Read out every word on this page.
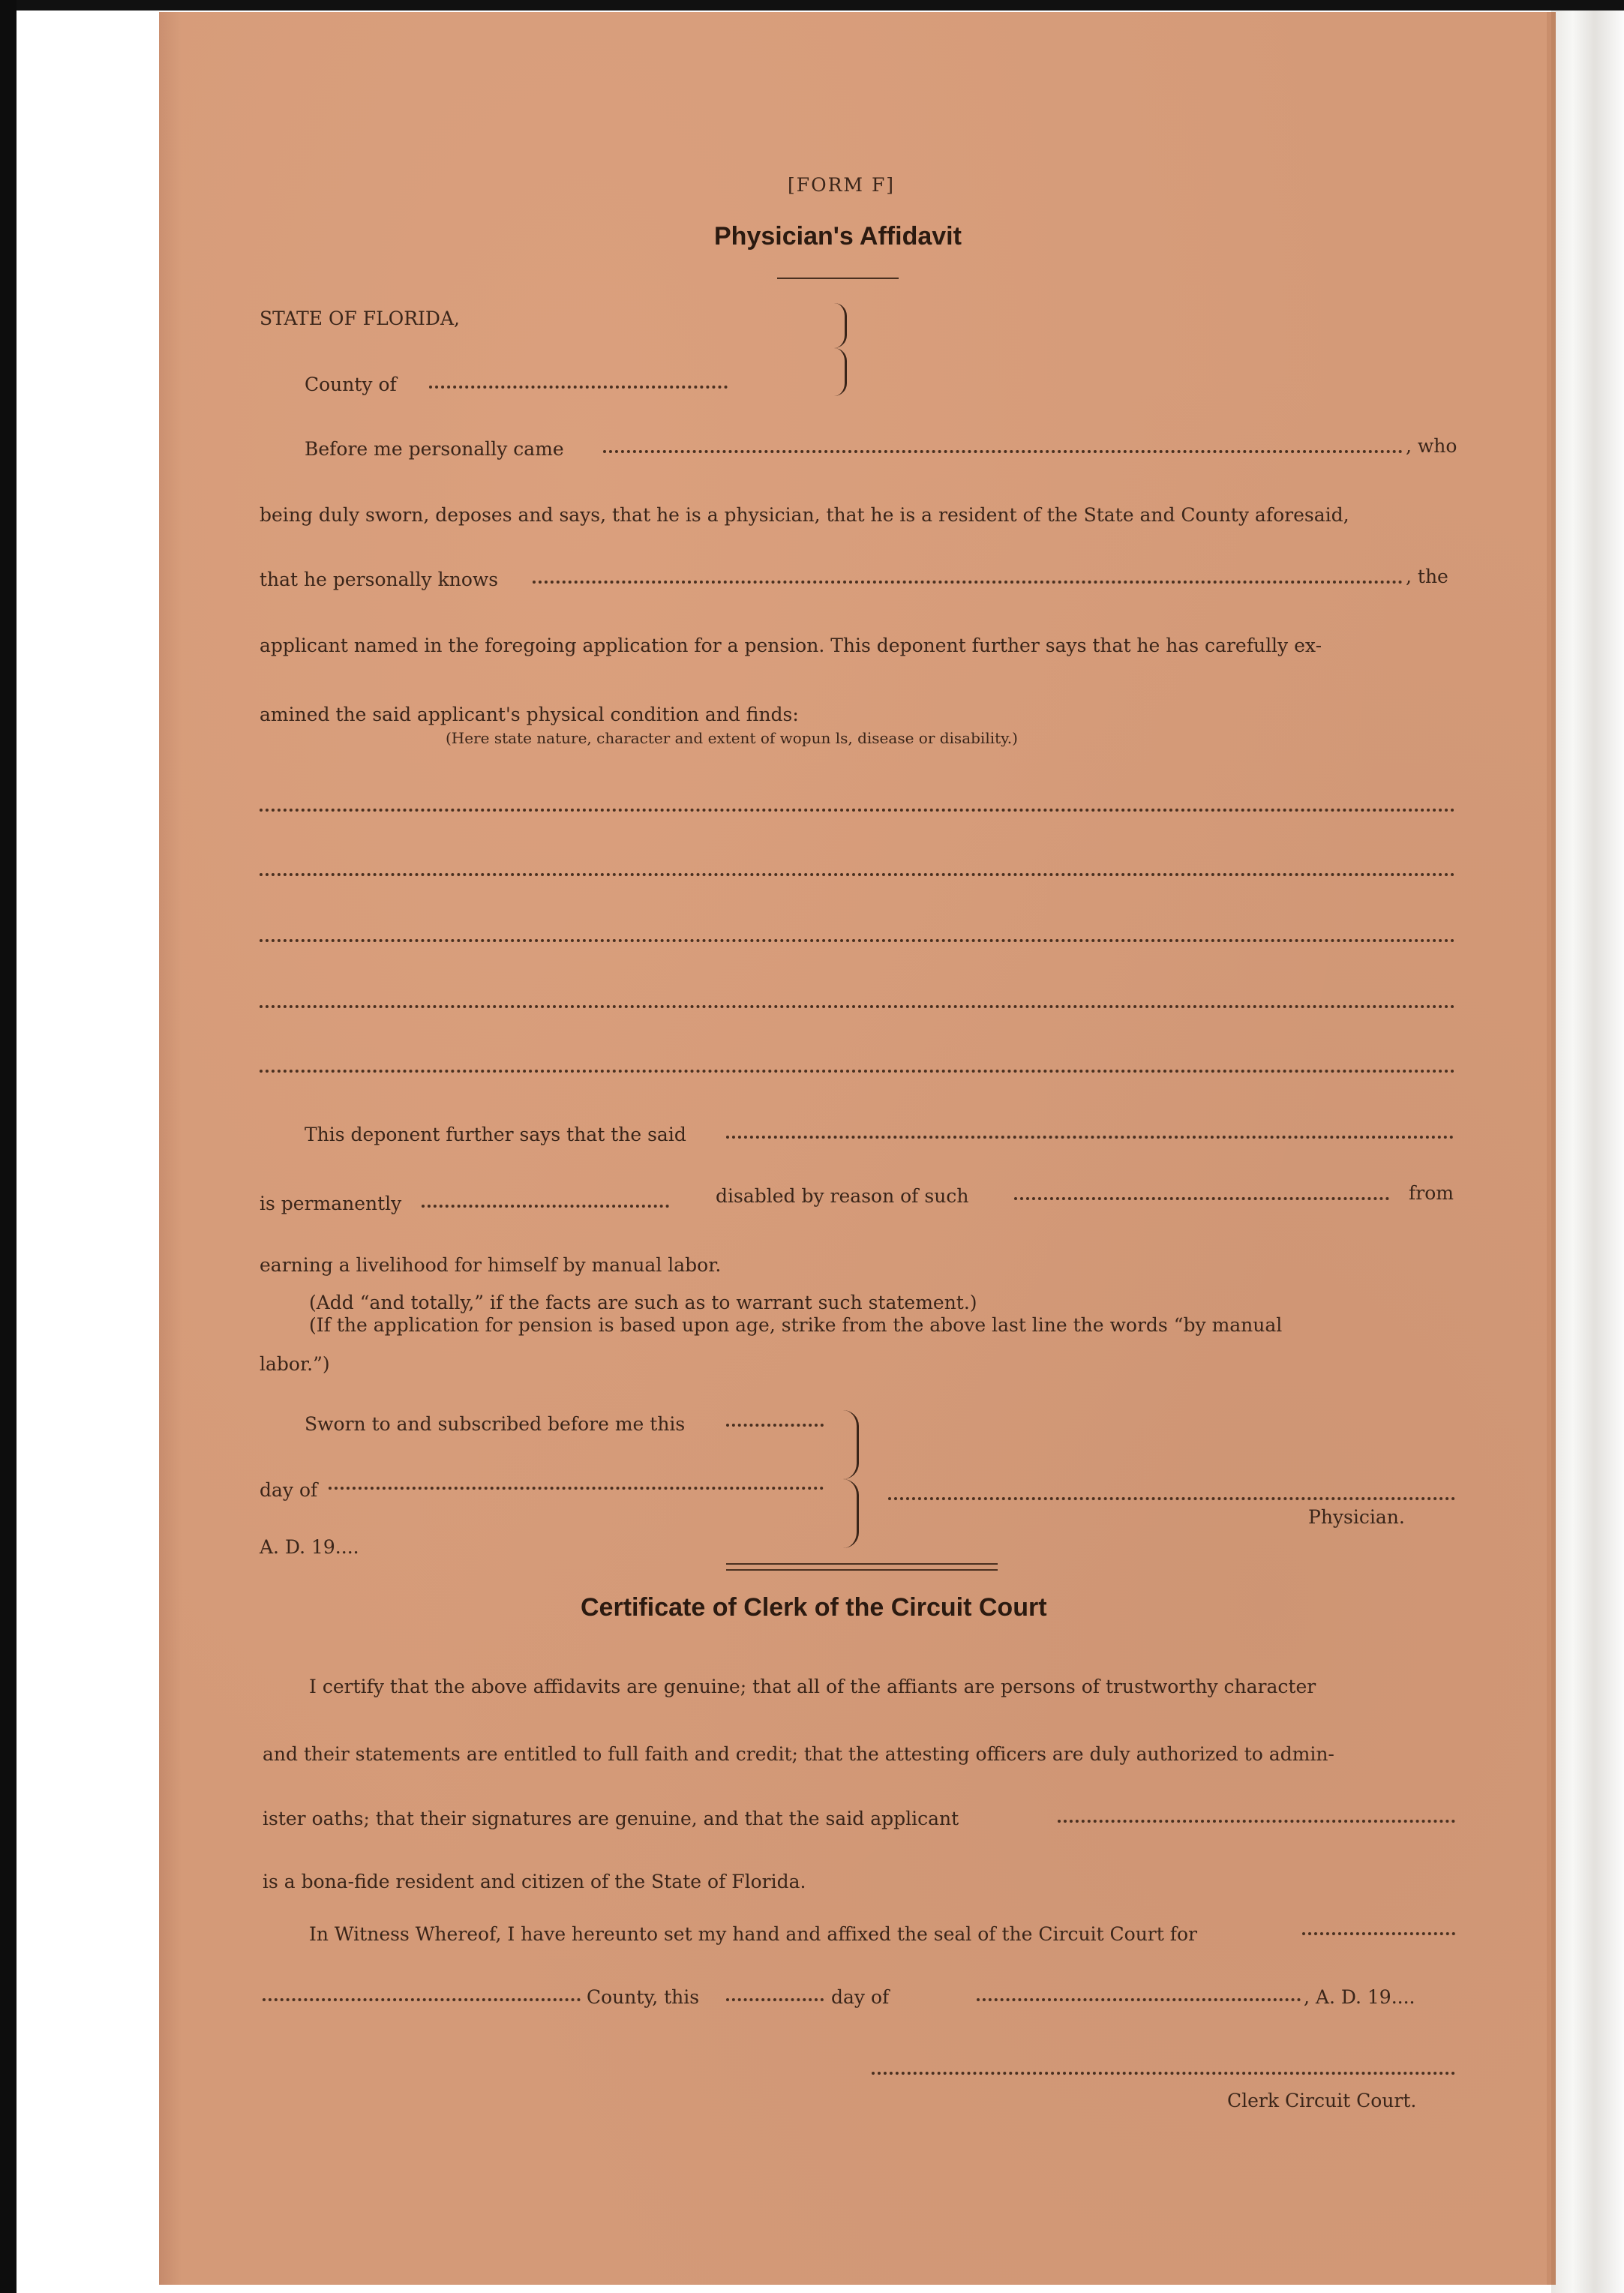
[FORM F]
Physician's Affidavit
STATE OF FLORIDA,
County of
Before me personally came	, who
being duly sworn, deposes and says, that he is a physician, that he is a resident of the State and County aforesaid,
that he personally knows	, the
applicant named in the foregoing application for a pension. This deponent further says that he has carefully ex-
amined the said applicant's physical condition and finds:
(Here state nature, character and extent of wopun ls, disease or disability.)
This deponent further says that the said
is permanently	disabled by reason of such	from
earning a livelihood for himself by manual labor.
(Add “and totally,” if the facts are such as to warrant such statement.)
(If the application for pension is based upon age, strike from the above last line the words “by manual
labor.”)
Sworn to and subscribed before me this
day of
A. D. 19....
Physician.
Certificate of Clerk of the Circuit Court
I certify that the above affidavits are genuine; that all of the affiants are persons of trustworthy character
and their statements are entitled to full faith and credit; that the attesting officers are duly authorized to admin-
ister oaths; that their signatures are genuine, and that the said applicant
is a bona-fide resident and citizen of the State of Florida.
In Witness Whereof, I have hereunto set my hand and affixed the seal of the Circuit Court for
County, this	day of	, A. D. 19....
Clerk Circuit Court.
